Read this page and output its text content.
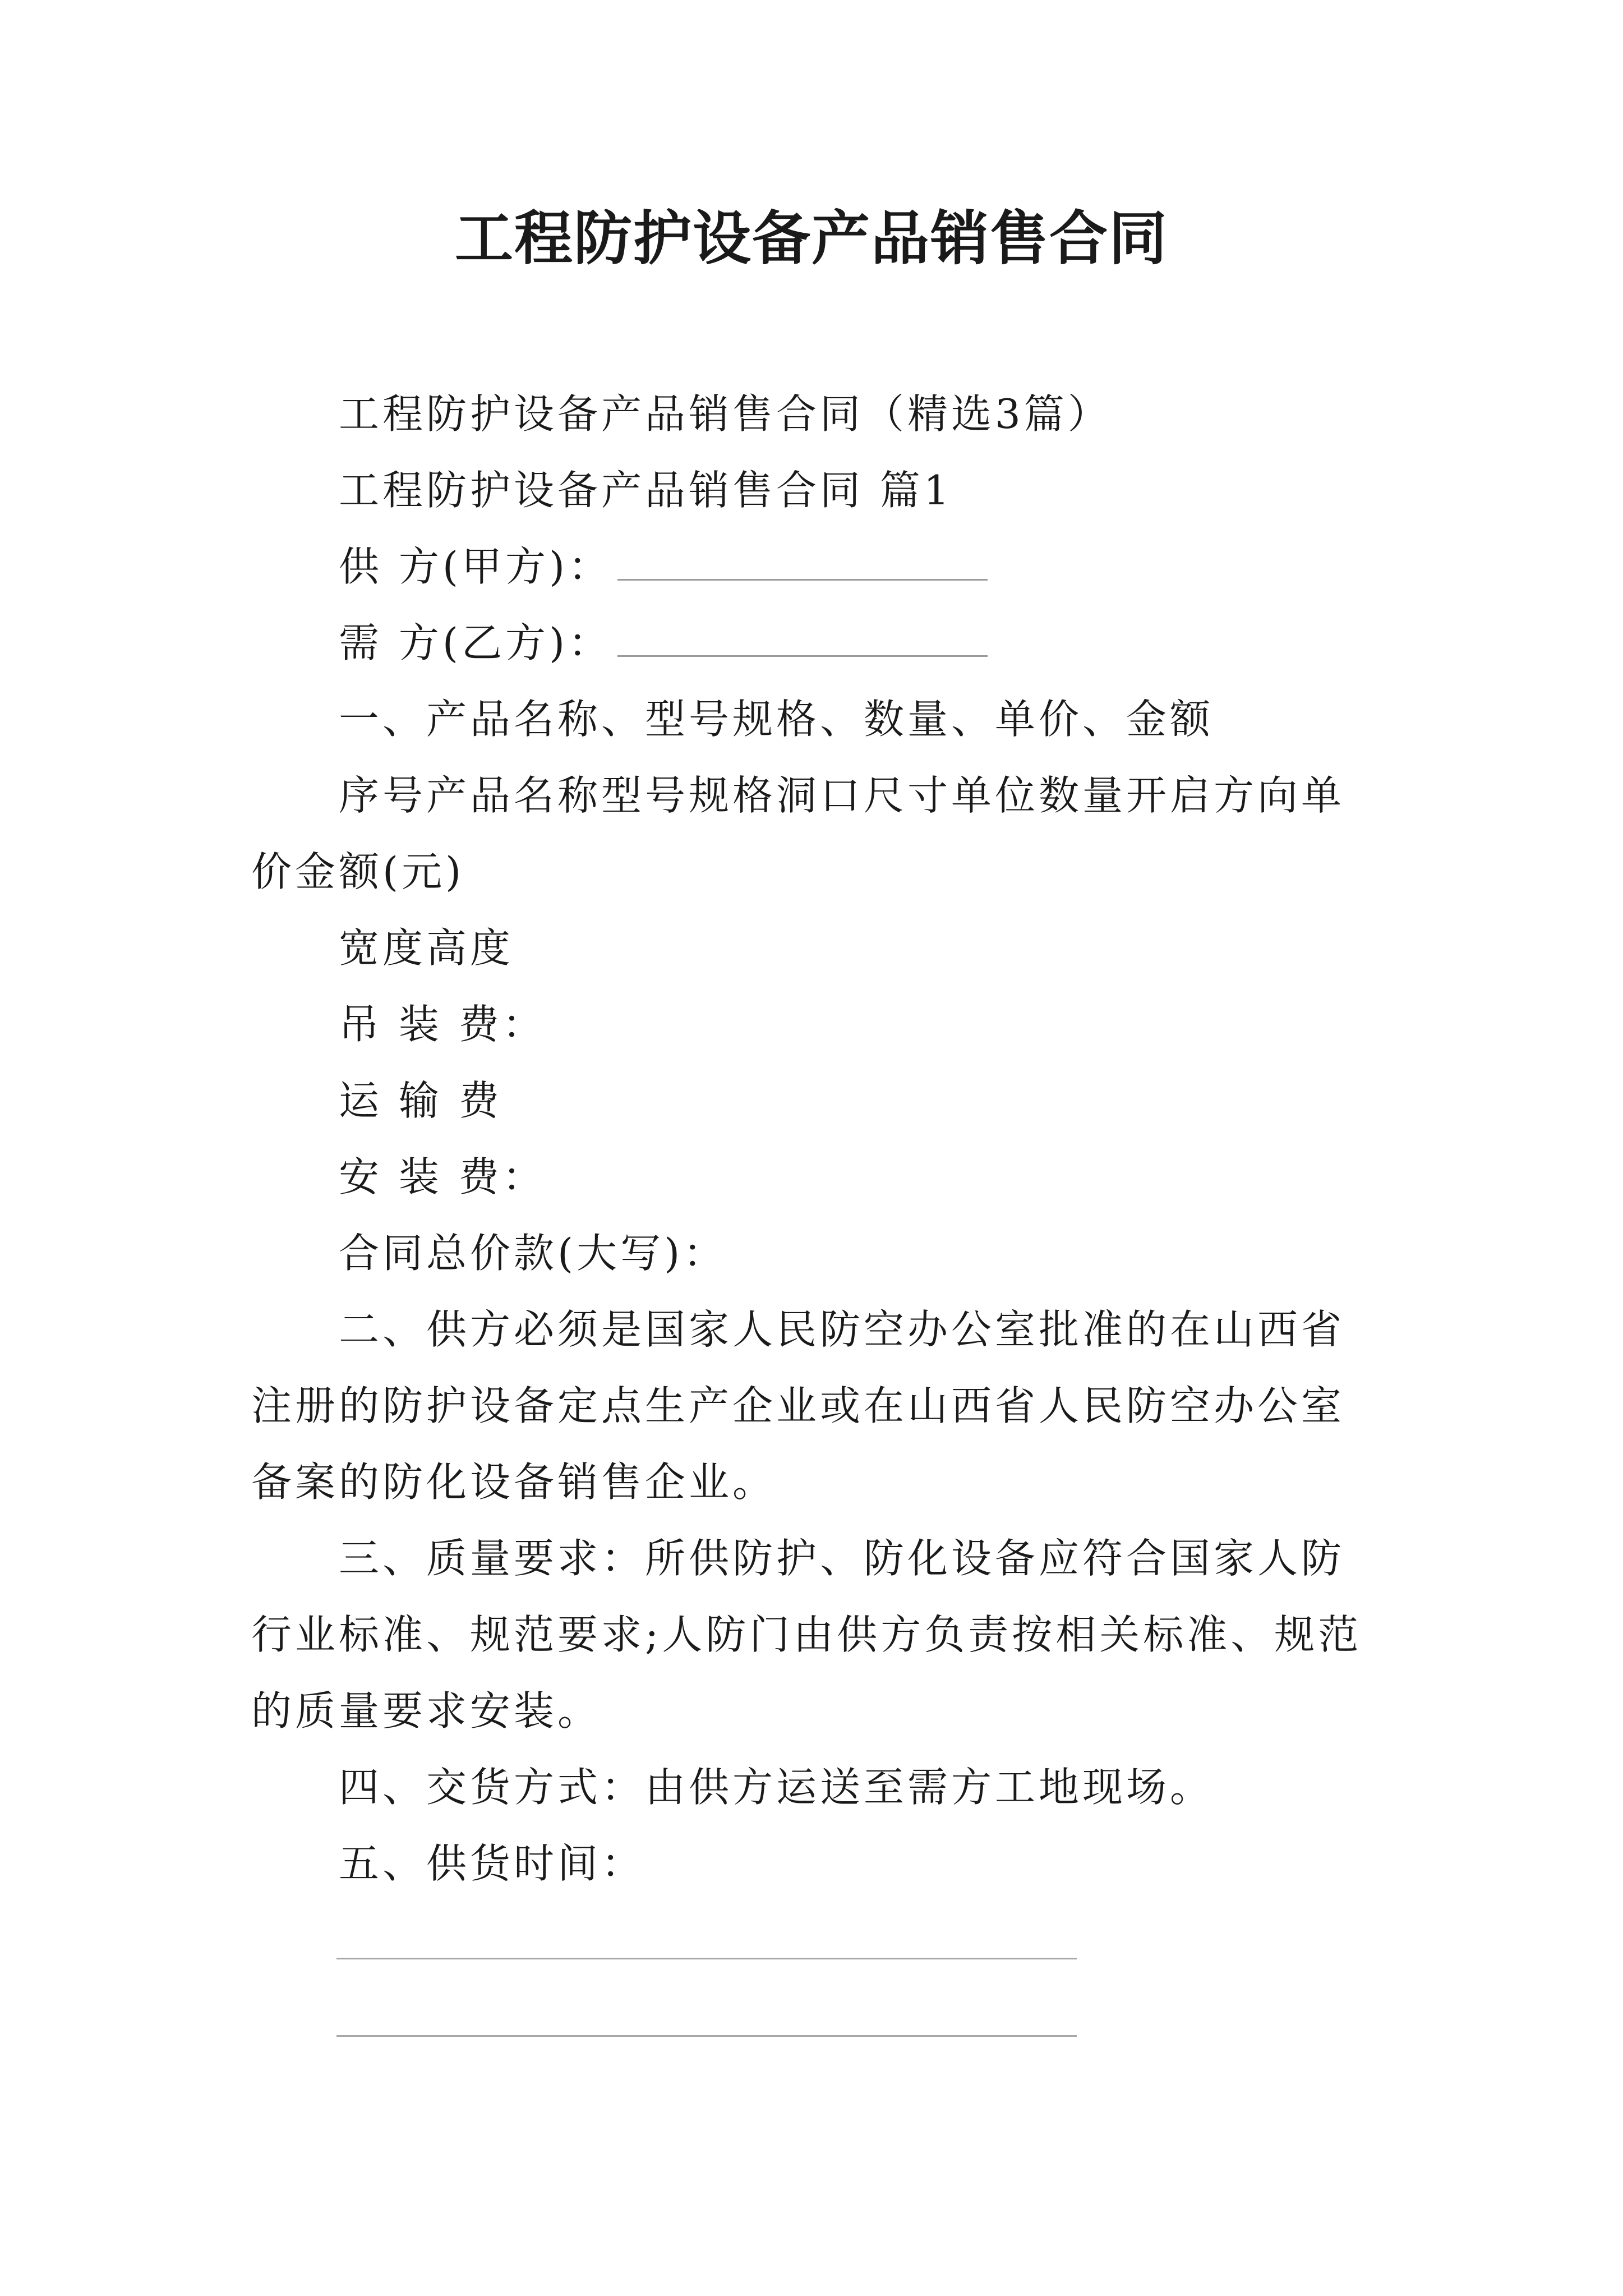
工程防护设备产品销售合同

工程防护设备产品销售合同（精选3篇）

工程防护设备产品销售合同 篇1

供 方(甲方)：

需 方(乙方)：

一、产品名称、型号规格、数量、单价、金额

序号产品名称型号规格洞口尺寸单位数量开启方向单价金额(元)

宽度高度

吊 装 费：

运 输 费

安 装 费：

合同总价款(大写)：

二、供方必须是国家人民防空办公室批准的在山西省注册的防护设备定点生产企业或在山西省人民防空办公室备案的防化设备销售企业。

三、质量要求：所供防护、防化设备应符合国家人防行业标准、规范要求;人防门由供方负责按相关标准、规范的质量要求安装。

四、交货方式：由供方运送至需方工地现场。

五、供货时间：
